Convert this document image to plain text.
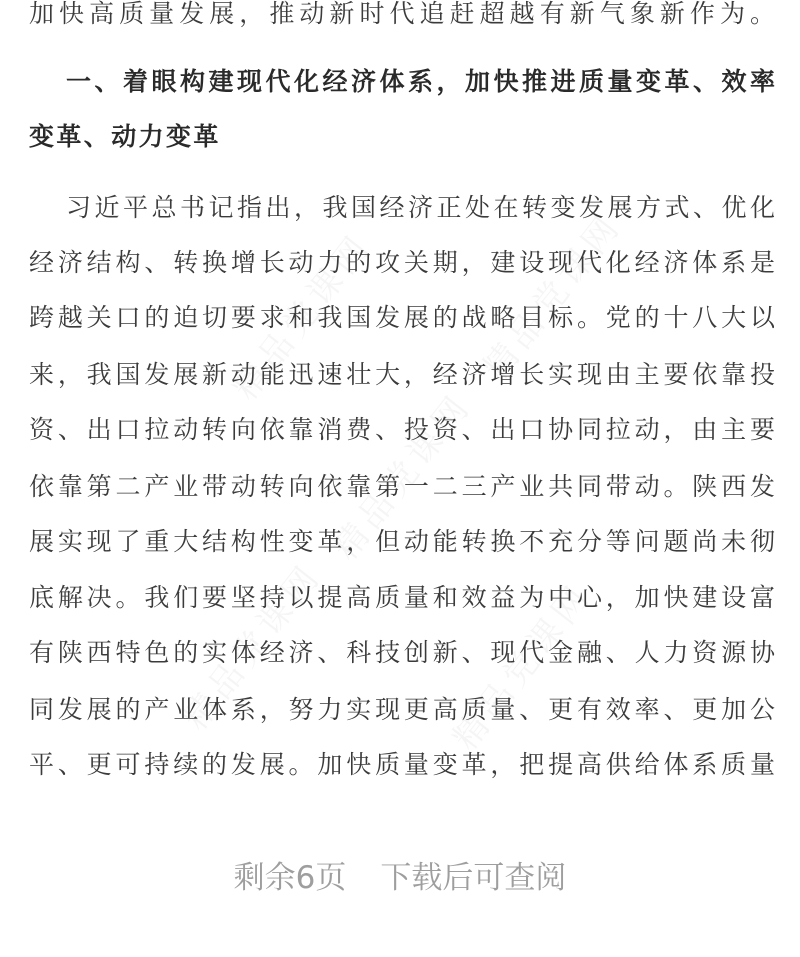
精品党课网	精品党课网
精品党课网
精品党课网	精品党课网
加快高质量发展，推动新时代追赶超越有新气象新作为。
一、着眼构建现代化经济体系，加快推进质量变革、效率
变革、动力变革
习近平总书记指出，我国经济正处在转变发展方式、优化
经济结构、转换增长动力的攻关期，建设现代化经济体系是
跨越关口的迫切要求和我国发展的战略目标。党的十八大以
来，我国发展新动能迅速壮大，经济增长实现由主要依靠投
资、出口拉动转向依靠消费、投资、出口协同拉动，由主要
依靠第二产业带动转向依靠第一二三产业共同带动。陕西发
展实现了重大结构性变革，但动能转换不充分等问题尚未彻
底解决。我们要坚持以提高质量和效益为中心，加快建设富
有陕西特色的实体经济、科技创新、现代金融、人力资源协
同发展的产业体系，努力实现更高质量、更有效率、更加公
平、更可持续的发展。加快质量变革，把提高供给体系质量
剩余6页 下载后可查阅
